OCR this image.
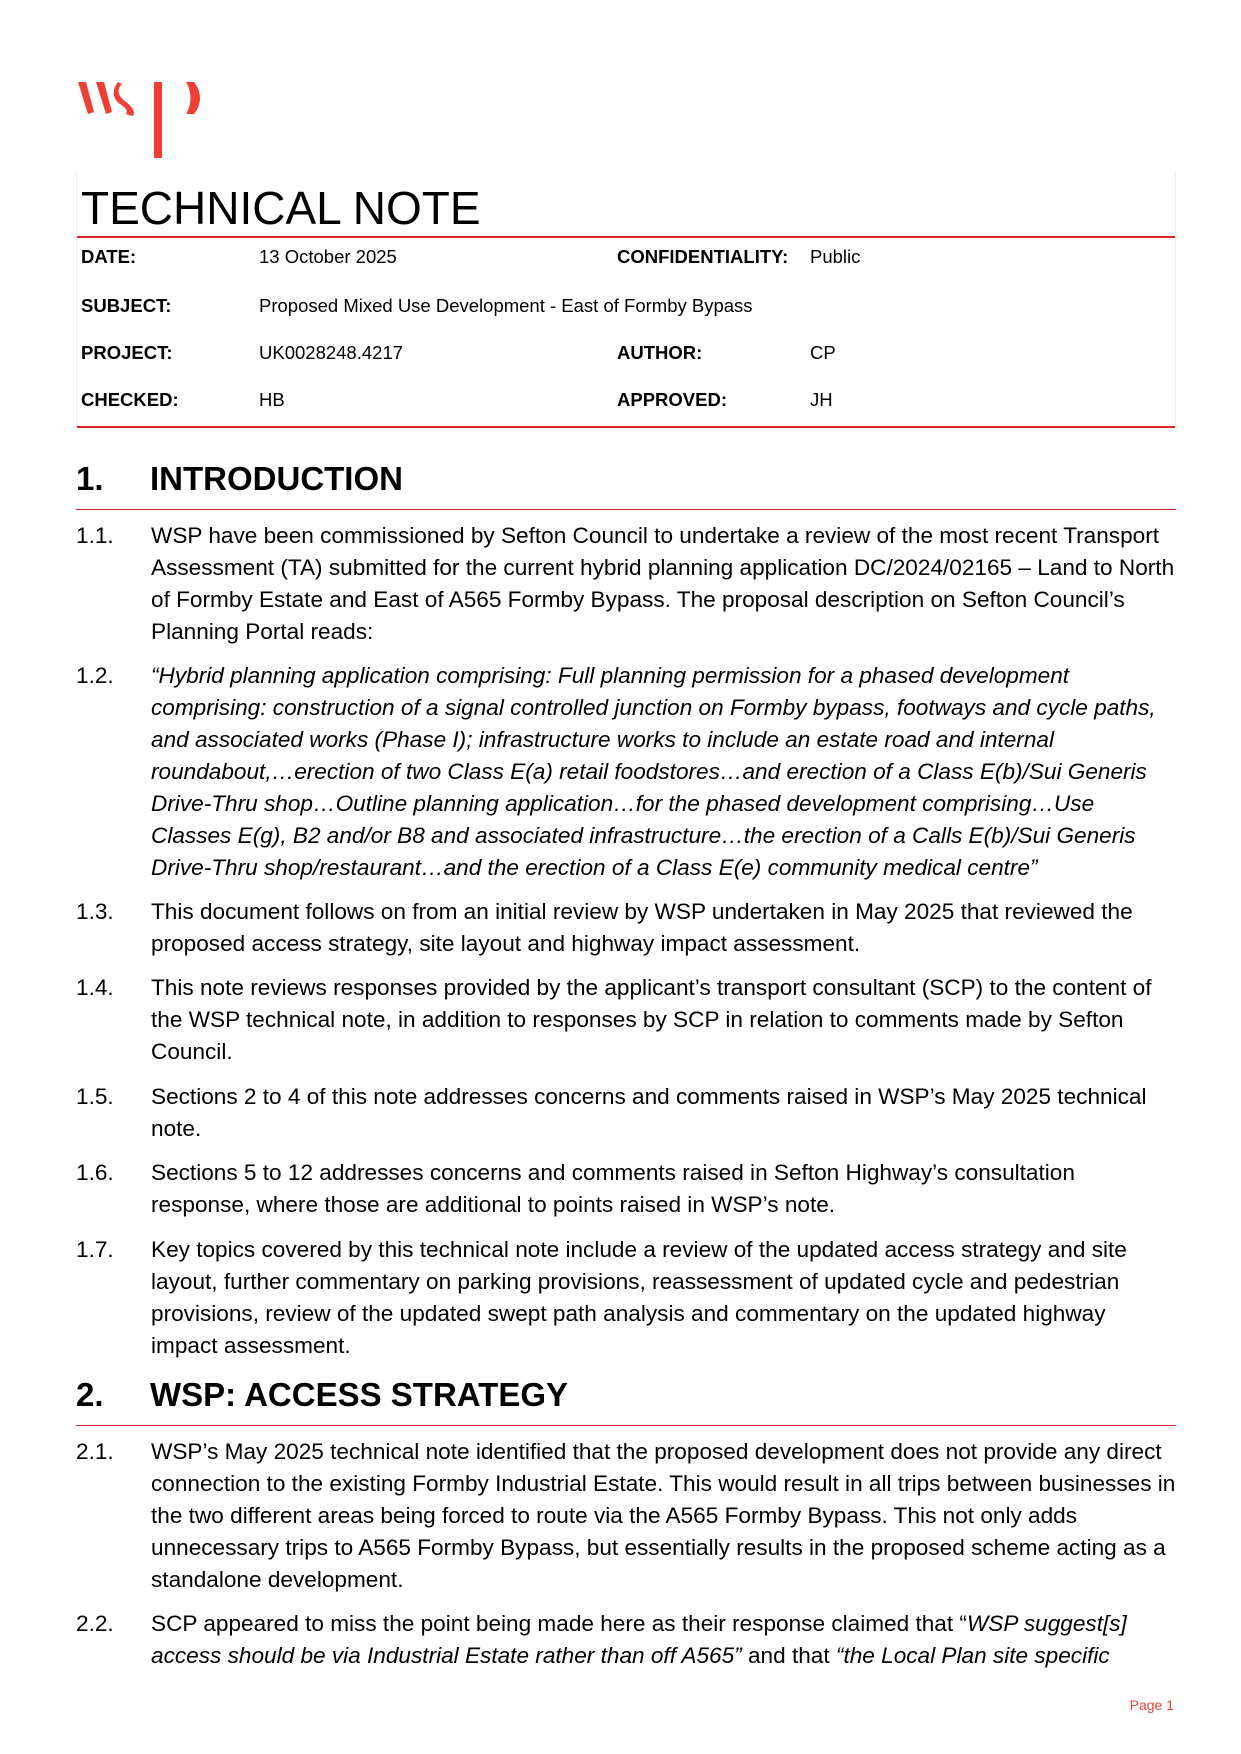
TECHNICAL NOTE
DATE:	13 October 2025	CONFIDENTIALITY: Public
SUBJECT:	Proposed Mixed Use Development - East of Formby Bypass
PROJECT:	UK0028248.4217	AUTHOR:	CP
CHECKED:	HB	APPROVED:	JH
1. INTRODUCTION
1.1. WSP have been commissioned by Sefton Council to undertake a review of the most recent Transport Assessment (TA) submitted for the current hybrid planning application DC/2024/02165 – Land to North of Formby Estate and East of A565 Formby Bypass. The proposal description on Sefton Council’s Planning Portal reads:
1.2. “Hybrid planning application comprising: Full planning permission for a phased development comprising: construction of a signal controlled junction on Formby bypass, footways and cycle paths, and associated works (Phase I); infrastructure works to include an estate road and internal roundabout,…erection of two Class E(a) retail foodstores…and erection of a Class E(b)/Sui Generis Drive-Thru shop…Outline planning application…for the phased development comprising…Use Classes E(g), B2 and/or B8 and associated infrastructure…the erection of a Calls E(b)/Sui Generis Drive-Thru shop/restaurant…and the erection of a Class E(e) community medical centre”
1.3. This document follows on from an initial review by WSP undertaken in May 2025 that reviewed the proposed access strategy, site layout and highway impact assessment.
1.4. This note reviews responses provided by the applicant’s transport consultant (SCP) to the content of the WSP technical note, in addition to responses by SCP in relation to comments made by Sefton Council.
1.5. Sections 2 to 4 of this note addresses concerns and comments raised in WSP’s May 2025 technical note.
1.6. Sections 5 to 12 addresses concerns and comments raised in Sefton Highway’s consultation response, where those are additional to points raised in WSP’s note.
1.7. Key topics covered by this technical note include a review of the updated access strategy and site layout, further commentary on parking provisions, reassessment of updated cycle and pedestrian provisions, review of the updated swept path analysis and commentary on the updated highway impact assessment.
2. WSP: ACCESS STRATEGY
2.1. WSP’s May 2025 technical note identified that the proposed development does not provide any direct connection to the existing Formby Industrial Estate. This would result in all trips between businesses in the two different areas being forced to route via the A565 Formby Bypass. This not only adds unnecessary trips to A565 Formby Bypass, but essentially results in the proposed scheme acting as a standalone development.
2.2. SCP appeared to miss the point being made here as their response claimed that “WSP suggest[s] access should be via Industrial Estate rather than off A565” and that “the Local Plan site specific
Page 1
